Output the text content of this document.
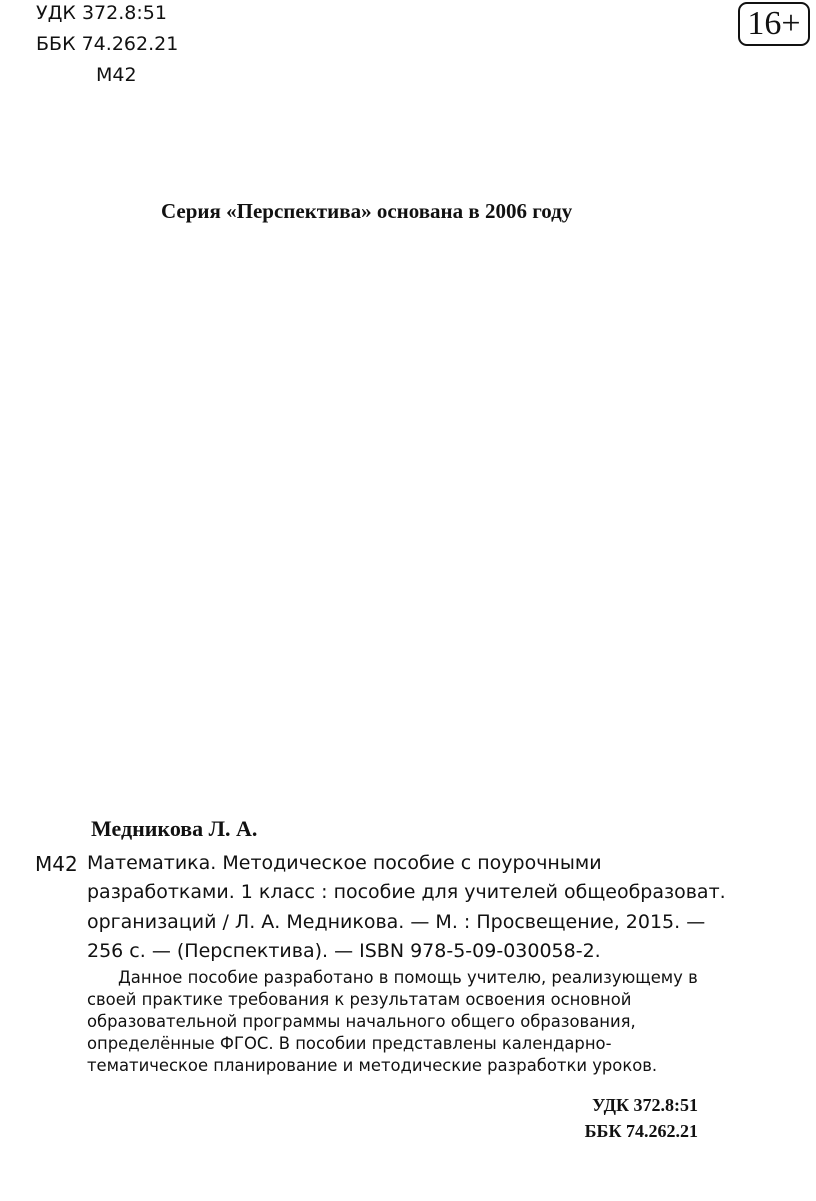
УДК 372.8:51
ББК 74.262.21
М42
16+
Серия «Перспектива» основана в 2006 году
Медникова Л. А.
М42 Математика. Методическое пособие с поурочными
разработками. 1 класс : пособие для учителей общеобразоват.
организаций / Л. А. Медникова. — М. : Просвещение, 2015. —
256 с. — (Перспектива). — ISBN 978-5-09-030058-2.
Данное пособие разработано в помощь учителю, реализующему в
своей практике требования к результатам освоения основной
образовательной программы начального общего образования,
определённые ФГОС. В пособии представлены календарно-
тематическое планирование и методические разработки уроков.
УДК 372.8:51
ББК 74.262.21
